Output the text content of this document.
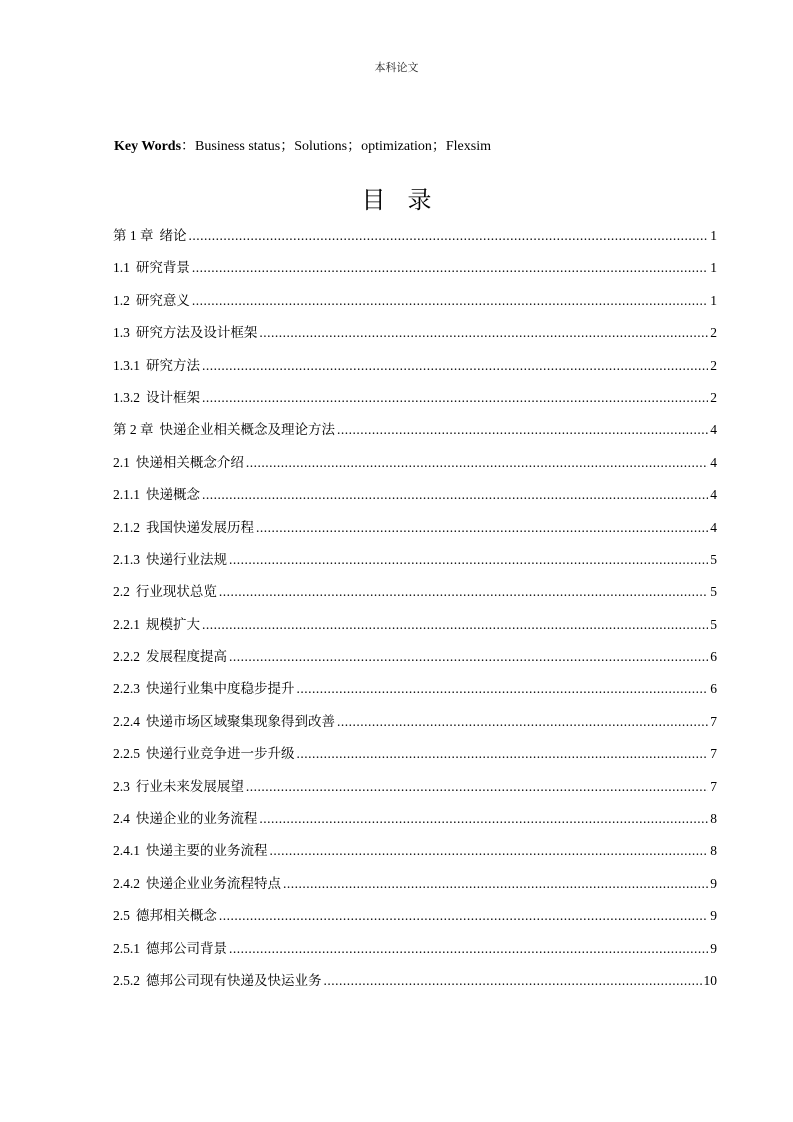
本科论文
Key Words：Business status；Solutions；optimization；Flexsim
目录
第 1 章 绪论 .....	1
1.1 研究背景 .....	1
1.2 研究意义 .....	1
1.3 研究方法及设计框架 .....	2
1.3.1 研究方法 .....	2
1.3.2 设计框架 .....	2
第 2 章 快递企业相关概念及理论方法 .....	4
2.1 快递相关概念介绍 .....	4
2.1.1 快递概念 .....	4
2.1.2 我国快递发展历程 .....	4
2.1.3 快递行业法规 .....	5
2.2 行业现状总览 .....	5
2.2.1 规模扩大 .....	5
2.2.2 发展程度提高 .....	6
2.2.3 快递行业集中度稳步提升 .....	6
2.2.4 快递市场区域聚集现象得到改善 .....	7
2.2.5 快递行业竞争进一步升级 .....	7
2.3 行业未来发展展望 .....	7
2.4 快递企业的业务流程 .....	8
2.4.1 快递主要的业务流程 .....	8
2.4.2 快递企业业务流程特点 .....	9
2.5 德邦相关概念 .....	9
2.5.1 德邦公司背景 .....	9
2.5.2 德邦公司现有快递及快运业务 .....	10
